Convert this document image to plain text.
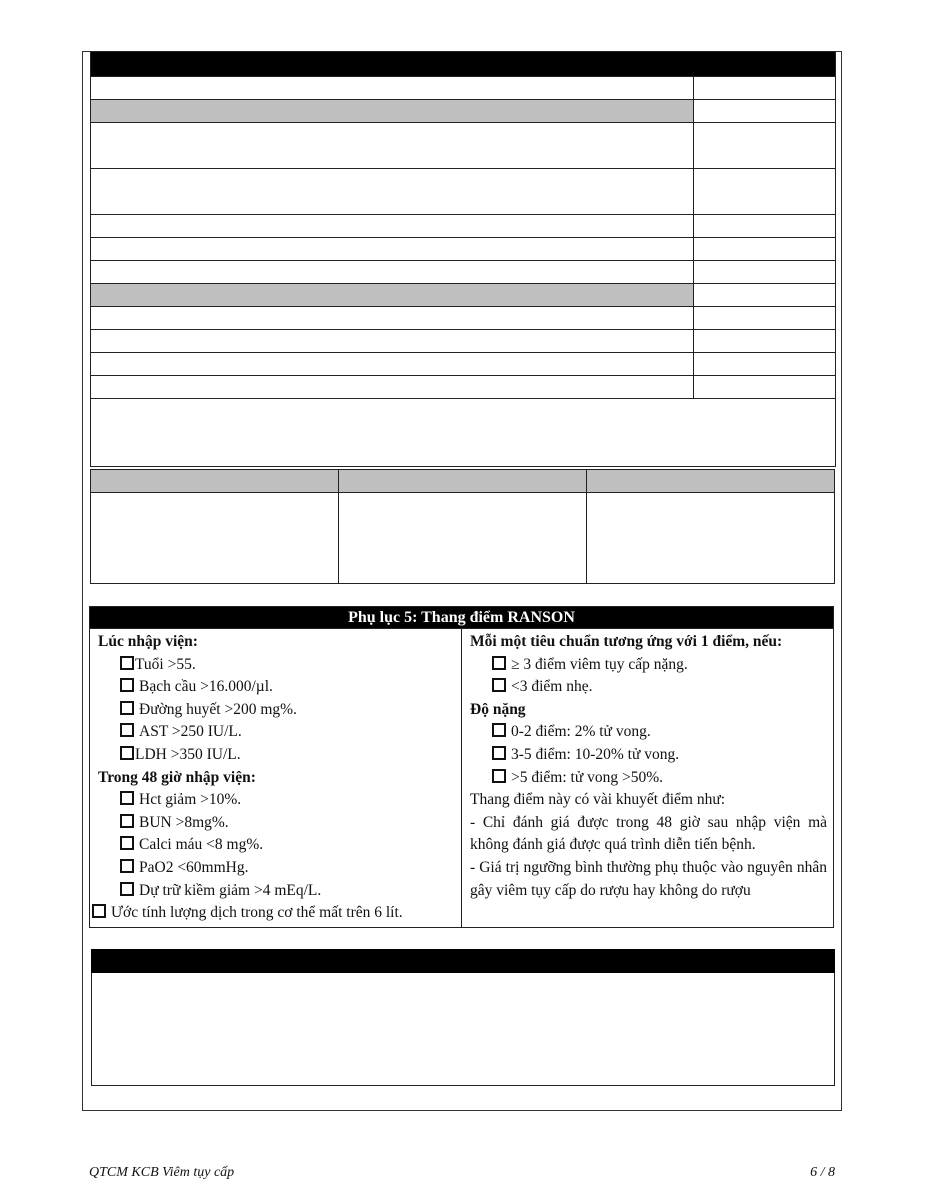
Phụ lục 5: Thang điểm RANSON

Lúc nhập viện:
Tuổi >55.
Bạch cầu >16.000/µl.
Đường huyết >200 mg%.
AST >250 IU/L.
LDH >350 IU/L.
Trong 48 giờ nhập viện:
Hct giảm >10%.
BUN >8mg%.
Calci máu <8 mg%.
PaO2 <60mmHg.
Dự trữ kiềm giảm >4 mEq/L.
Ước tính lượng dịch trong cơ thể mất trên 6 lít.

Mỗi một tiêu chuẩn tương ứng với 1 điểm, nếu:
≥ 3 điểm viêm tụy cấp nặng.
<3 điểm nhẹ.
Độ nặng
0-2 điểm: 2% tử vong.
3-5 điểm: 10-20% tử vong.
>5 điểm: tử vong >50%.
Thang điểm này có vài khuyết điểm như:
- Chỉ đánh giá được trong 48 giờ sau nhập viện mà không đánh giá được quá trình diễn tiến bệnh.
- Giá trị ngưỡng bình thường phụ thuộc vào nguyên nhân gây viêm tụy cấp do rượu hay không do rượu
QTCM KCB Viêm tụy cấp	6 / 8
